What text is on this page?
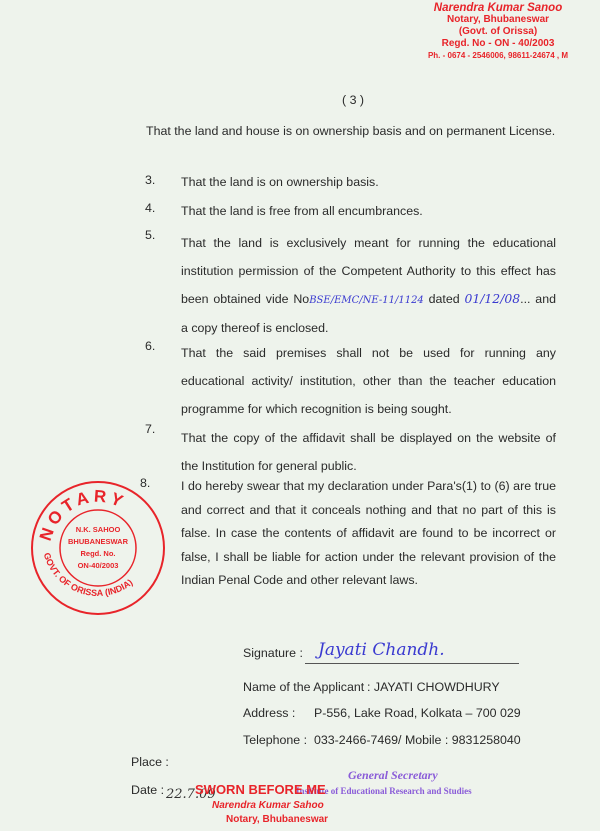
Narendra Kumar Sanoo
Notary, Bhubaneswar
(Govt. of Orissa)
Regd. No - ON - 40/2003
Ph. - 0674 - 2546006, 98611-24674 , M
( 3 )
That the land and house is on ownership basis and on permanent License.
3. That the land is on ownership basis.
4. That the land is free from all encumbrances.
5.
That the land is exclusively meant for running the educational institution permission of the Competent Authority to this effect has been obtained vide NoBSE/EMC/NE-11/1124 dated 01/12/08... and a copy thereof is enclosed.
6. That the said premises shall not be used for running any educational activity/ institution, other than the teacher education programme for which recognition is being sought.
7.
That the copy of the affidavit shall be displayed on the website of the Institution for general public.
8. I do hereby swear that my declaration under Para's(1) to (6) are true and correct and that it conceals nothing and that no part of this is false. In case the contents of affidavit are found to be incorrect or false, I shall be liable for action under the relevant provision of the Indian Penal Code and other relevant laws.
NOTARY
GOVT. OF ORISSA (INDIA)
N.K. SAHOO
BHUBANESWAR
Regd. No.
ON-40/2003
Signature : Jayati Chandh.
Name of the Applicant : JAYATI CHOWDHURY
Address : P-556, Lake Road, Kolkata – 700 029
Telephone : 033-2466-7469/ Mobile : 9831258040
Place :
Date : 22.7.09
General Secretary
Institute of Educational Research and Studies
SWORN BEFORE ME
Narendra Kumar Sahoo
Notary, Bhubaneswar
